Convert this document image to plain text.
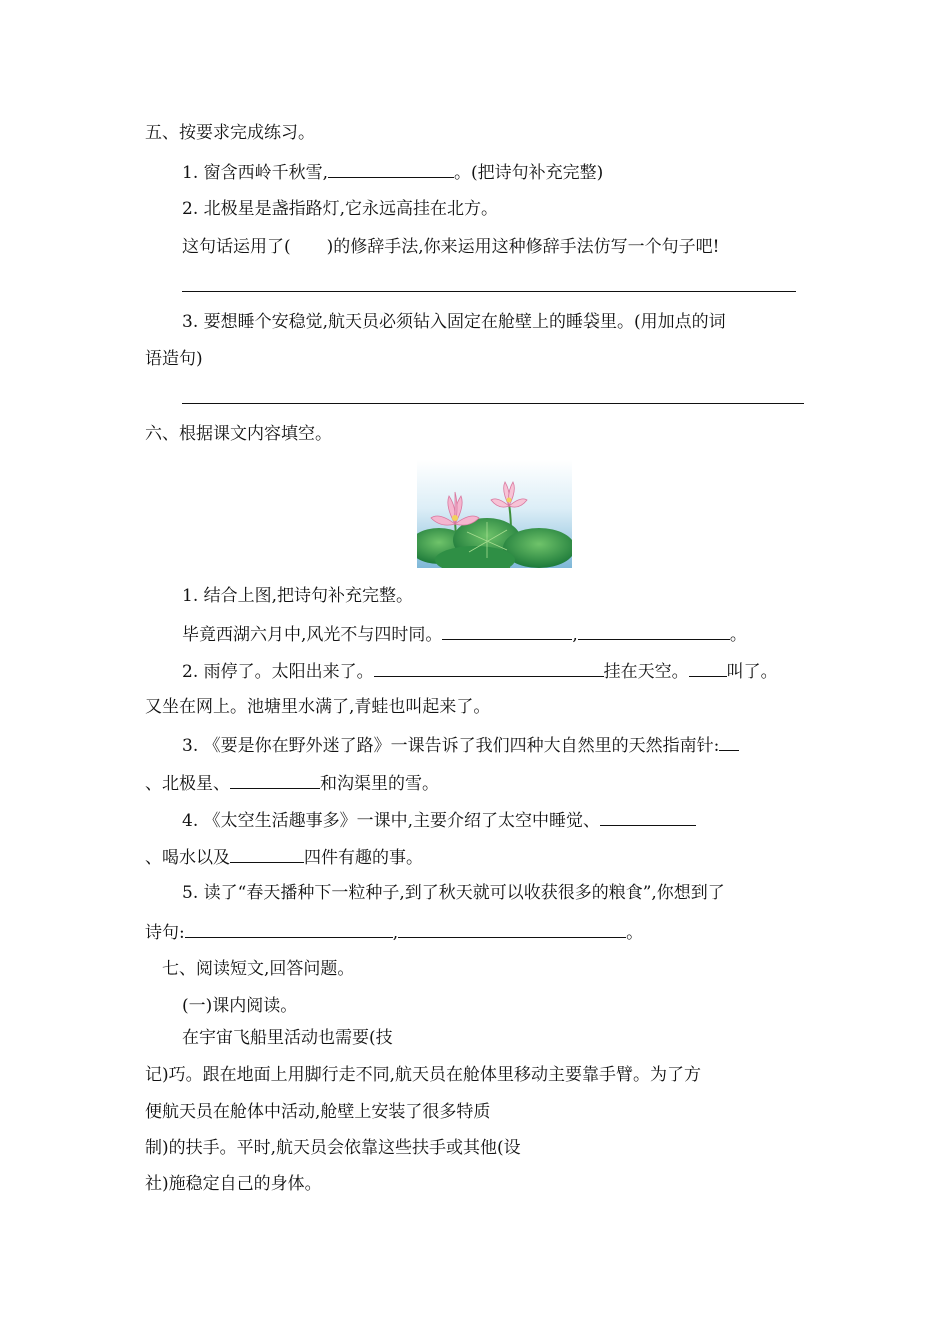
五、按要求完成练习。
1. 窗含西岭千秋雪,	。(把诗句补充完整)
2. 北极星是盏指路灯,它永远高挂在北方。
这句话运用了( )的修辞手法,你来运用这种修辞手法仿写一个句子吧!
3. 要想睡个安稳觉,航天员必须钻入固定在舱壁上的睡袋里。(用加点的词
语造句)
六、根据课文内容填空。
1. 结合上图,把诗句补充完整。
毕竟西湖六月中,风光不与四时同。	,	。
2. 雨停了。太阳出来了。	挂在天空。 叫了。
又坐在网上。池塘里水满了,青蛙也叫起来了。
3. 《要是你在野外迷了路》一课告诉了我们四种大自然里的天然指南针:
、北极星、	和沟渠里的雪。
4. 《太空生活趣事多》一课中,主要介绍了太空中睡觉、
、喝水以及	四件有趣的事。
5. 读了“春天播种下一粒种子,到了秋天就可以收获很多的粮食”,你想到了
诗句:	,	。
七、阅读短文,回答问题。
(一)课内阅读。
在宇宙飞船里活动也需要(技
记)巧。跟在地面上用脚行走不同,航天员在舱体里移动主要靠手臂。为了方
便航天员在舱体中活动,舱壁上安装了很多特质
制)的扶手。平时,航天员会依靠这些扶手或其他(设
社)施稳定自己的身体。
